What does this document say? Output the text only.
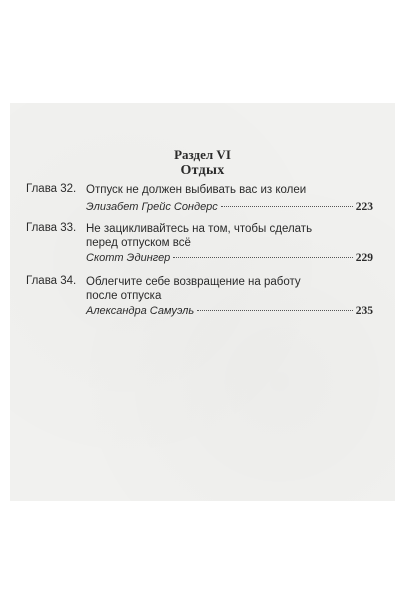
Раздел VI
Отдых
Глава 32. Отпуск не должен выбивать вас из колеи
Элизабет Грейс Сондерс	223
Глава 33. Не зацикливайтесь на том, чтобы сделать
перед отпуском всё
Скотт Эдингер	229
Глава 34. Облегчите себе возвращение на работу
после отпуска
Александра Самуэль	235
